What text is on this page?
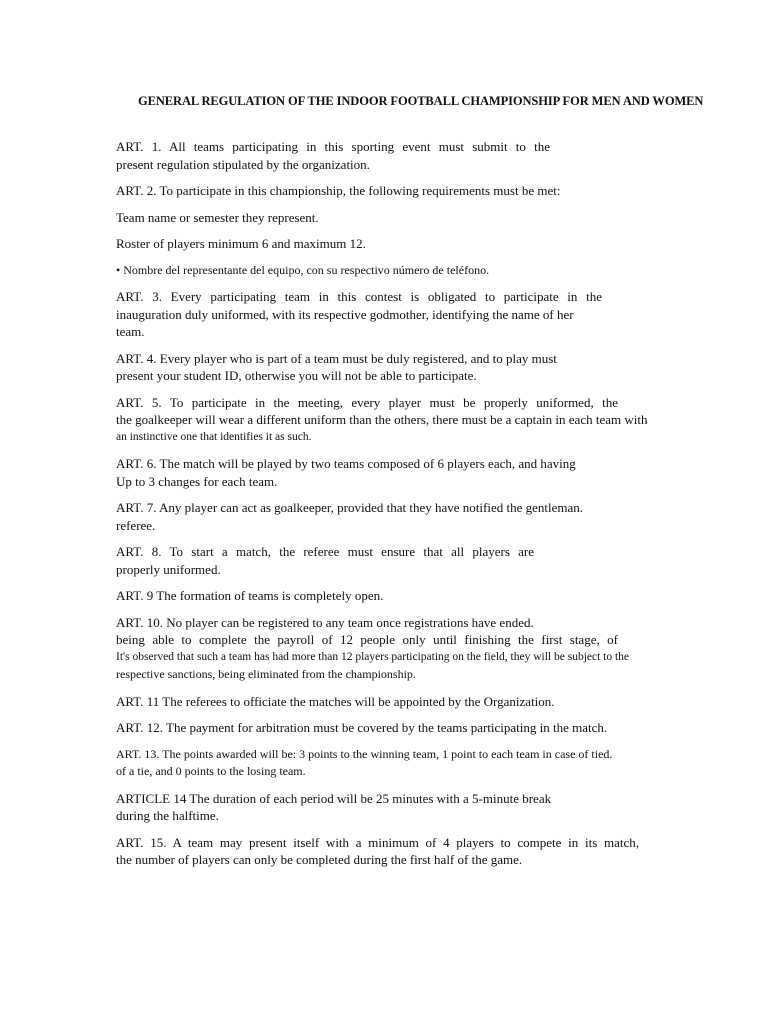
GENERAL REGULATION OF THE INDOOR FOOTBALL CHAMPIONSHIP FOR MEN AND WOMEN

ART. 1. All teams participating in this sporting event must submit to the
present regulation stipulated by the organization.

ART. 2. To participate in this championship, the following requirements must be met:

Team name or semester they represent.

Roster of players minimum 6 and maximum 12.

• Nombre del representante del equipo, con su respectivo número de teléfono.

ART. 3. Every participating team in this contest is obligated to participate in the
inauguration duly uniformed, with its respective godmother, identifying the name of her
team.

ART. 4. Every player who is part of a team must be duly registered, and to play must
present your student ID, otherwise you will not be able to participate.

ART. 5. To participate in the meeting, every player must be properly uniformed, the
the goalkeeper will wear a different uniform than the others, there must be a captain in each team with
an instinctive one that identifies it as such.

ART. 6. The match will be played by two teams composed of 6 players each, and having
Up to 3 changes for each team.

ART. 7. Any player can act as goalkeeper, provided that they have notified the gentleman.
referee.

ART. 8. To start a match, the referee must ensure that all players are
properly uniformed.

ART. 9 The formation of teams is completely open.

ART. 10. No player can be registered to any team once registrations have ended.
being able to complete the payroll of 12 people only until finishing the first stage, of
It's observed that such a team has had more than 12 players participating on the field, they will be subject to the
respective sanctions, being eliminated from the championship.

ART. 11 The referees to officiate the matches will be appointed by the Organization.

ART. 12. The payment for arbitration must be covered by the teams participating in the match.

ART. 13. The points awarded will be: 3 points to the winning team, 1 point to each team in case of tied.
of a tie, and 0 points to the losing team.

ARTICLE 14 The duration of each period will be 25 minutes with a 5-minute break
during the halftime.

ART. 15. A team may present itself with a minimum of 4 players to compete in its match,
the number of players can only be completed during the first half of the game.
